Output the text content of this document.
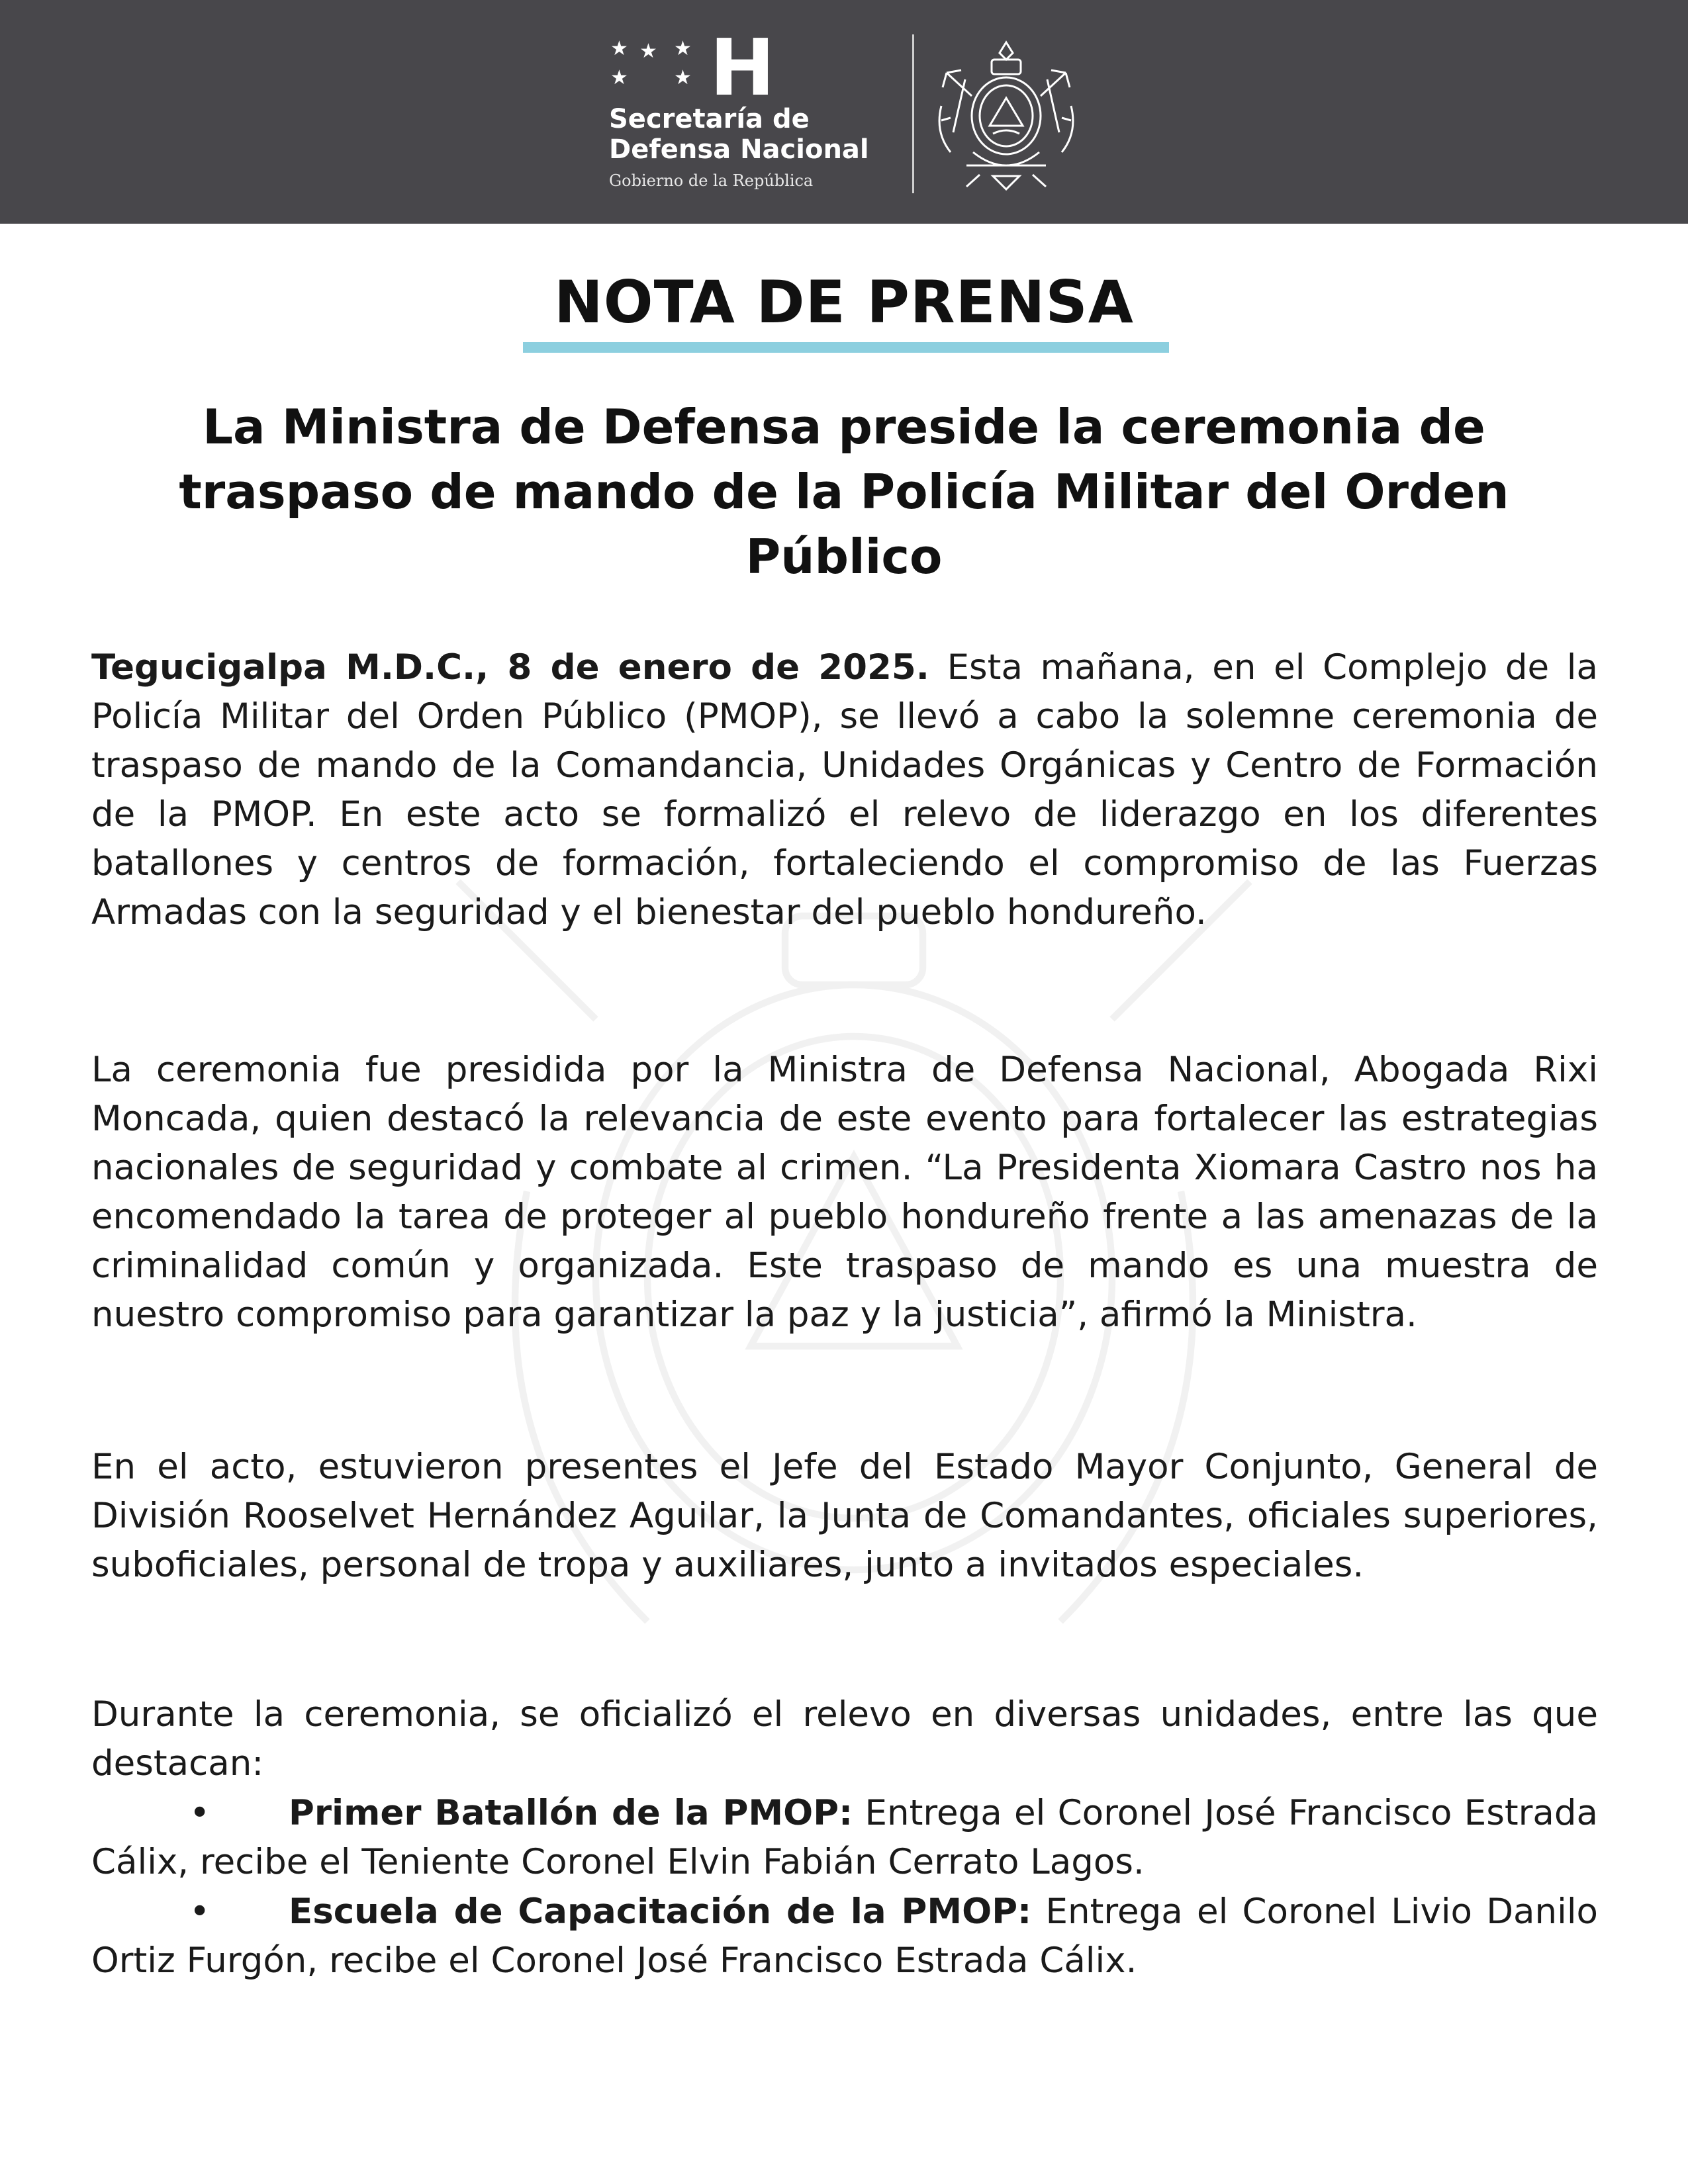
★ ★
★
★
★ H
Secretaría de
Defensa Nacional
Gobierno de la República
NOTA DE PRENSA
La Ministra de Defensa preside la ceremonia de traspaso de mando de la Policía Militar del Orden Público
Tegucigalpa M.D.C., 8 de enero de 2025. Esta mañana, en el Complejo de la Policía Militar del Orden Público (PMOP), se llevó a cabo la solemne ceremonia de traspaso de mando de la Comandancia, Unidades Orgánicas y Centro de Formación de la PMOP. En este acto se formalizó el relevo de liderazgo en los diferentes batallones y centros de formación, fortaleciendo el compromiso de las Fuerzas Armadas con la seguridad y el bienestar del pueblo hondureño.
La ceremonia fue presidida por la Ministra de Defensa Nacional, Abogada Rixi Moncada, quien destacó la relevancia de este evento para fortalecer las estrategias nacionales de seguridad y combate al crimen. “La Presidenta Xiomara Castro nos ha encomendado la tarea de proteger al pueblo hondureño frente a las amenazas de la criminalidad común y organizada. Este traspaso de mando es una muestra de nuestro compromiso para garantizar la paz y la justicia”, afirmó la Ministra.
En el acto, estuvieron presentes el Jefe del Estado Mayor Conjunto, General de División Rooselvet Hernández Aguilar, la Junta de Comandantes, oficiales superiores, suboficiales, personal de tropa y auxiliares, junto a invitados especiales.
Durante la ceremonia, se oficializó el relevo en diversas unidades, entre las que destacan:
• Primer Batallón de la PMOP: Entrega el Coronel José Francisco Estrada Cálix, recibe el Teniente Coronel Elvin Fabián Cerrato Lagos.
• Escuela de Capacitación de la PMOP: Entrega el Coronel Livio Danilo Ortiz Furgón, recibe el Coronel José Francisco Estrada Cálix.
